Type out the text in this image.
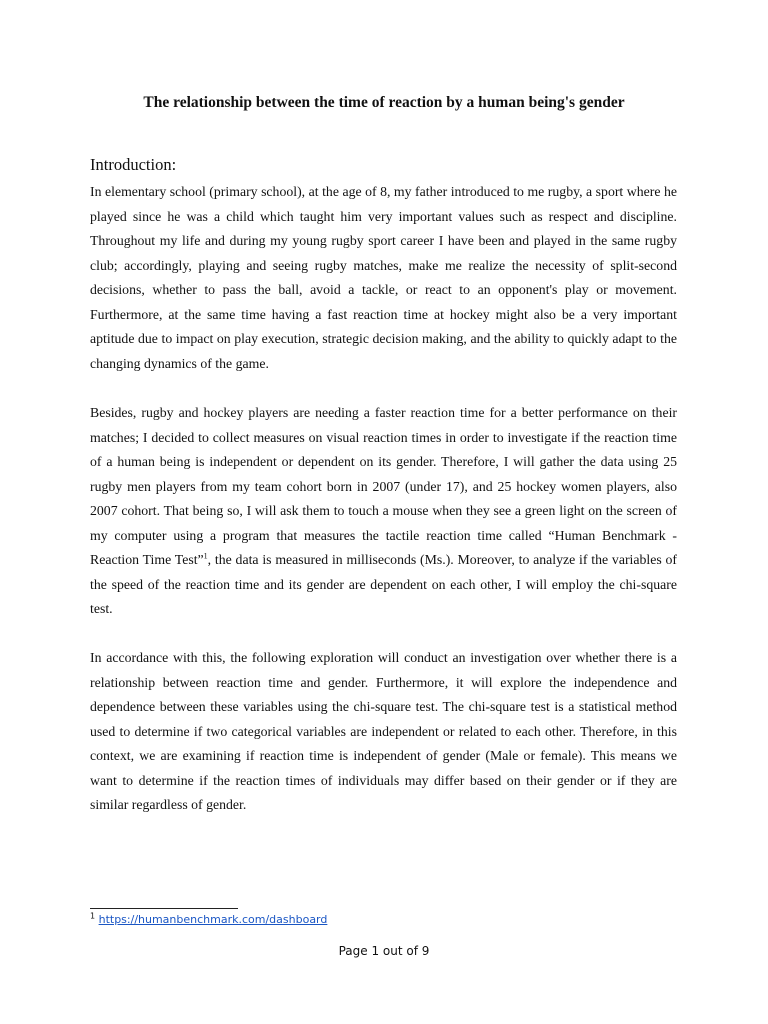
The relationship between the time of reaction by a human being's gender
Introduction:

In elementary school (primary school), at the age of 8, my father introduced to me rugby, a sport where he played since he was a child which taught him very important values such as respect and discipline. Throughout my life and during my young rugby sport career I have been and played in the same rugby club; accordingly, playing and seeing rugby matches, make me realize the necessity of split-second decisions, whether to pass the ball, avoid a tackle, or react to an opponent's play or movement. Furthermore, at the same time having a fast reaction time at hockey might also be a very important aptitude due to impact on play execution, strategic decision making, and the ability to quickly adapt to the changing dynamics of the game.

Besides, rugby and hockey players are needing a faster reaction time for a better performance on their matches; I decided to collect measures on visual reaction times in order to investigate if the reaction time of a human being is independent or dependent on its gender. Therefore, I will gather the data using 25 rugby men players from my team cohort born in 2007 (under 17), and 25 hockey women players, also 2007 cohort. That being so, I will ask them to touch a mouse when they see a green light on the screen of my computer using a program that measures the tactile reaction time called “Human Benchmark - Reaction Time Test”$^1$, the data is measured in milliseconds (Ms.). Moreover, to analyze if the variables of the speed of the reaction time and its gender are dependent on each other, I will employ the chi-square test.

In accordance with this, the following exploration will conduct an investigation over whether there is a relationship between reaction time and gender. Furthermore, it will explore the independence and dependence between these variables using the chi-square test. The chi-square test is a statistical method used to determine if two categorical variables are independent or related to each other. Therefore, in this context, we are examining if reaction time is independent of gender (Male or female). This means we want to determine if the reaction times of individuals may differ based on their gender or if they are similar regardless of gender.

$^1$ https://humanbenchmark.com/dashboard
Page 1 out of 9
